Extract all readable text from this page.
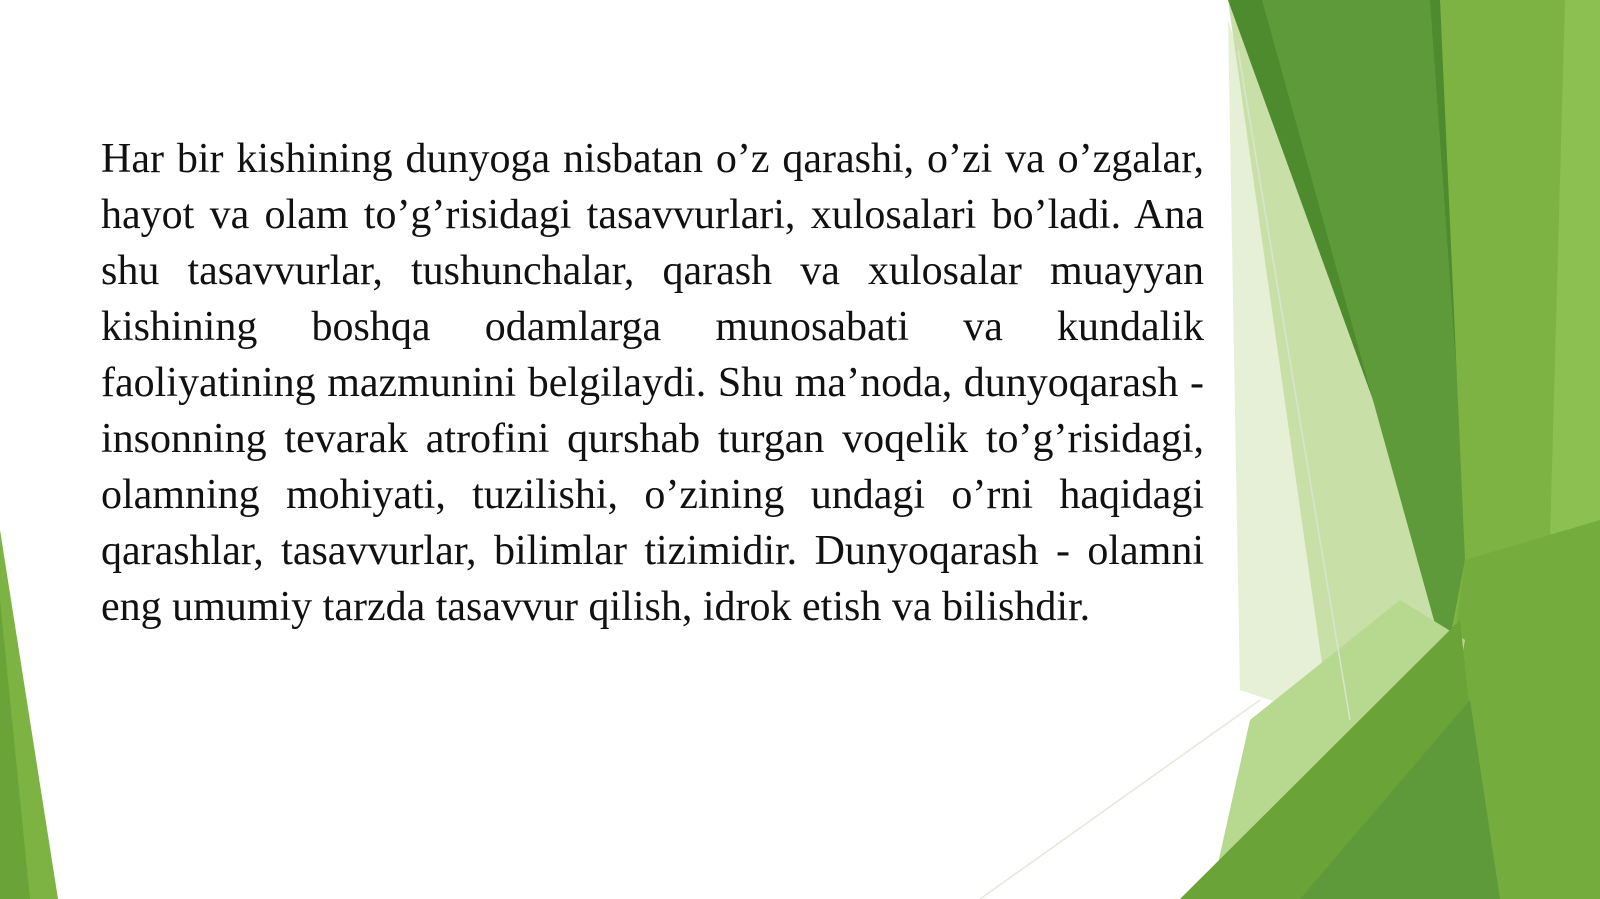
Har bir kishining dunyoga nisbatan o’z qarashi, o’zi va o’zgalar, hayot va olam to’g’risidagi tasavvurlari, xulosalari bo’ladi. Ana shu tasavvurlar, tushunchalar, qarash va xulosalar muayyan kishining boshqa odamlarga munosabati va kundalik faoliyatining mazmunini belgilaydi. Shu ma’noda, dunyoqarash - insonning tevarak atrofini qurshab turgan voqelik to’g’risidagi, olamning mohiyati, tuzilishi, o’zining undagi o’rni haqidagi qarashlar, tasavvurlar, bilimlar tizimidir. Dunyoqarash - olamni eng umumiy tarzda tasavvur qilish, idrok etish va bilishdir.
